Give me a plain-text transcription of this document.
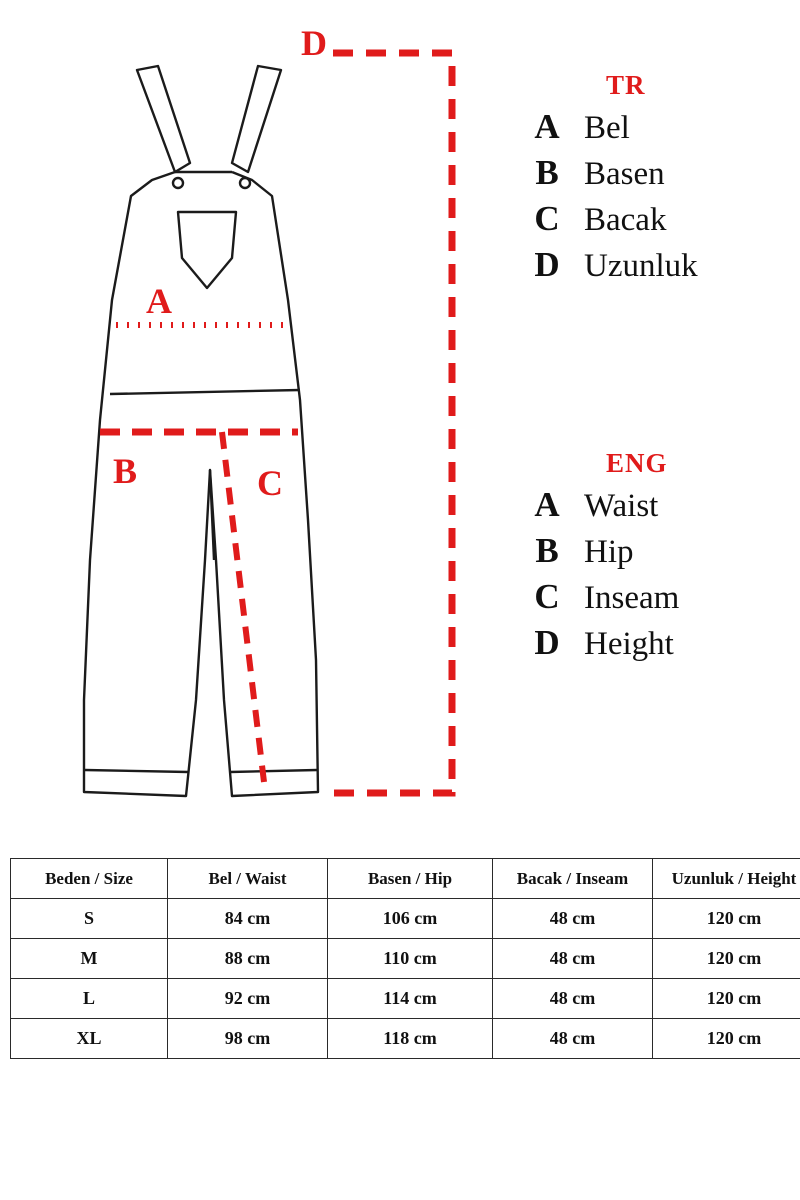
A
B	C
D
TR
A Bel
B Basen
C Bacak
D Uzunluk
ENG
A Waist
B Hip
C Inseam
D Height
Beden / Size	Bel / Waist	Basen / Hip	Bacak / Inseam	Uzunluk / Height
S	84 cm	106 cm	48 cm	120 cm
M	88 cm	110 cm	48 cm	120 cm
L	92 cm	114 cm	48 cm	120 cm
XL	98 cm	118 cm	48 cm	120 cm
